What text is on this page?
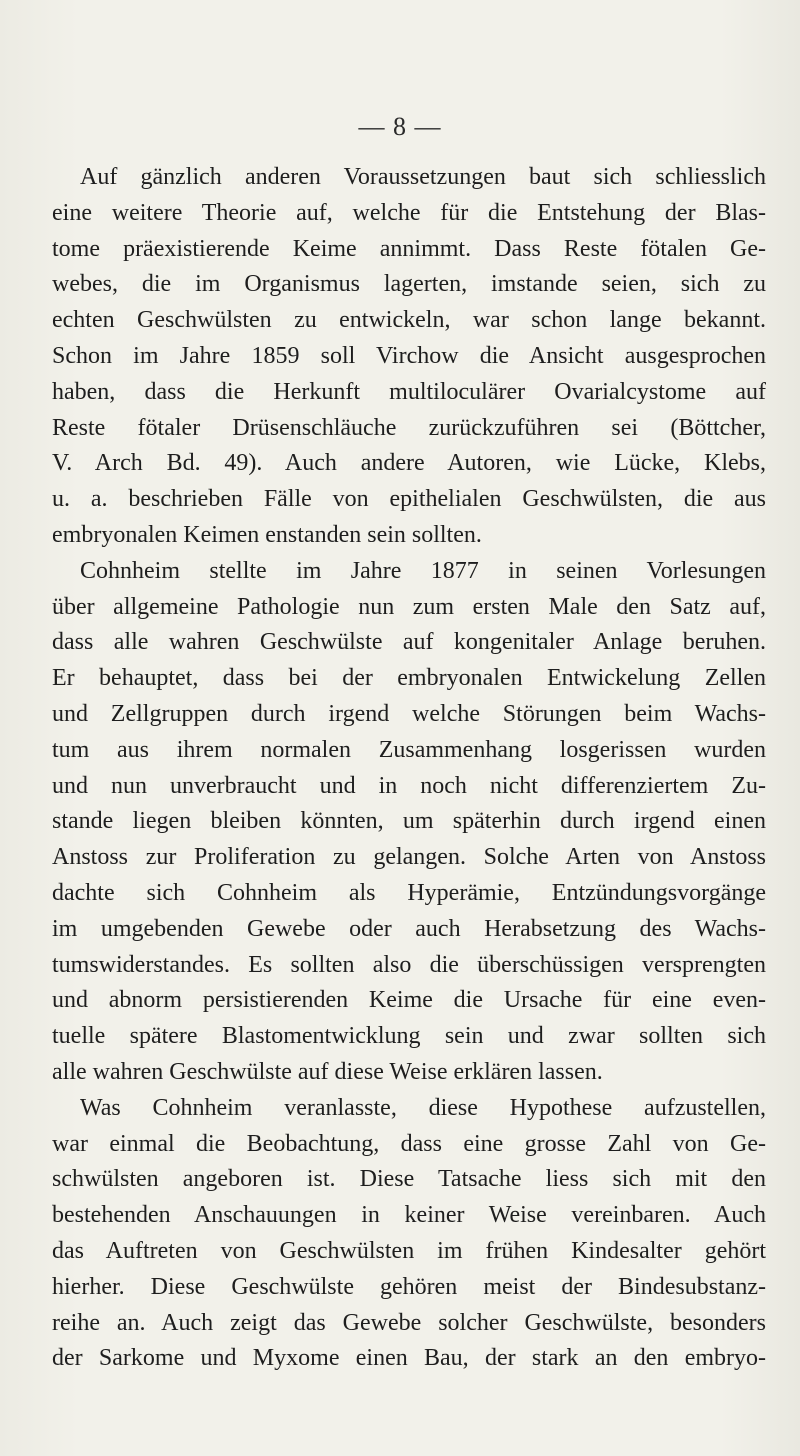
— 8 —
Auf gänzlich anderen Voraussetzungen baut sich schliesslich
eine weitere Theorie auf, welche für die Entstehung der Blas-
tome präexistierende Keime annimmt. Dass Reste fötalen Ge-
webes, die im Organismus lagerten, imstande seien, sich zu
echten Geschwülsten zu entwickeln, war schon lange bekannt.
Schon im Jahre 1859 soll Virchow die Ansicht ausgesprochen
haben, dass die Herkunft multiloculärer Ovarialcystome auf
Reste fötaler Drüsenschläuche zurückzuführen sei (Böttcher,
V. Arch Bd. 49). Auch andere Autoren, wie Lücke, Klebs,
u. a. beschrieben Fälle von epithelialen Geschwülsten, die aus
embryonalen Keimen enstanden sein sollten.
Cohnheim stellte im Jahre 1877 in seinen Vorlesungen
über allgemeine Pathologie nun zum ersten Male den Satz auf,
dass alle wahren Geschwülste auf kongenitaler Anlage beruhen.
Er behauptet, dass bei der embryonalen Entwickelung Zellen
und Zellgruppen durch irgend welche Störungen beim Wachs-
tum aus ihrem normalen Zusammenhang losgerissen wurden
und nun unverbraucht und in noch nicht differenziertem Zu-
stande liegen bleiben könnten, um späterhin durch irgend einen
Anstoss zur Proliferation zu gelangen. Solche Arten von Anstoss
dachte sich Cohnheim als Hyperämie, Entzündungsvorgänge
im umgebenden Gewebe oder auch Herabsetzung des Wachs-
tumswiderstandes. Es sollten also die überschüssigen versprengten
und abnorm persistierenden Keime die Ursache für eine even-
tuelle spätere Blastomentwicklung sein und zwar sollten sich
alle wahren Geschwülste auf diese Weise erklären lassen.
Was Cohnheim veranlasste, diese Hypothese aufzustellen,
war einmal die Beobachtung, dass eine grosse Zahl von Ge-
schwülsten angeboren ist. Diese Tatsache liess sich mit den
bestehenden Anschauungen in keiner Weise vereinbaren. Auch
das Auftreten von Geschwülsten im frühen Kindesalter gehört
hierher. Diese Geschwülste gehören meist der Bindesubstanz-
reihe an. Auch zeigt das Gewebe solcher Geschwülste, besonders
der Sarkome und Myxome einen Bau, der stark an den embryo-
